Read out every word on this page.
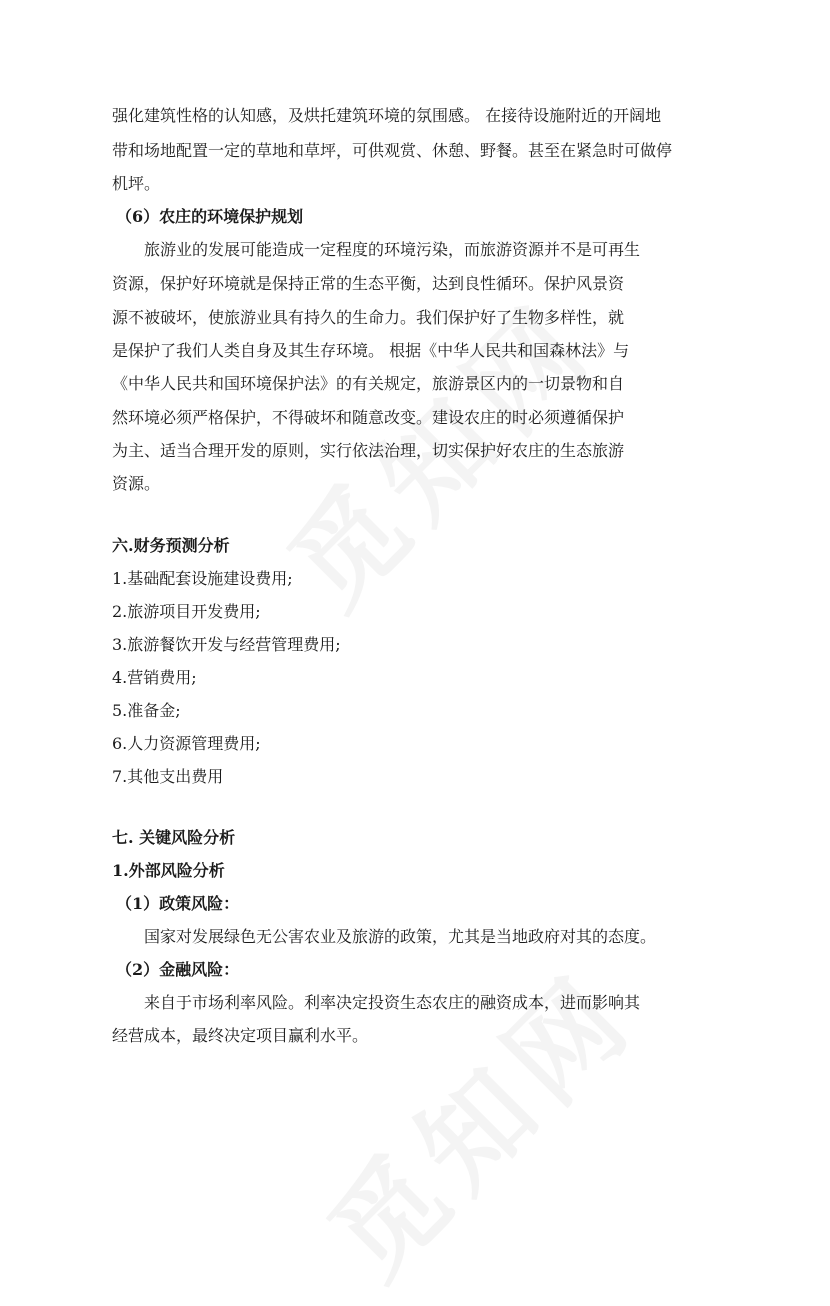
强化建筑性格的认知感，及烘托建筑环境的氛围感。 在接待设施附近的开阔地
带和场地配置一定的草地和草坪，可供观赏、休憩、野餐。甚至在紧急时可做停
机坪。
（6）农庄的环境保护规划
旅游业的发展可能造成一定程度的环境污染，而旅游资源并不是可再生
资源，保护好环境就是保持正常的生态平衡，达到良性循环。保护风景资
源不被破坏，使旅游业具有持久的生命力。我们保护好了生物多样性，就
是保护了我们人类自身及其生存环境。 根据《中华人民共和国森林法》与
《中华人民共和国环境保护法》的有关规定，旅游景区内的一切景物和自
然环境必须严格保护，不得破坏和随意改变。建设农庄的时必须遵循保护
为主、适当合理开发的原则，实行依法治理，切实保护好农庄的生态旅游
资源。
六.财务预测分析
1.基础配套设施建设费用;
2.旅游项目开发费用;
3.旅游餐饮开发与经营管理费用;
4.营销费用;
5.准备金;
6.人力资源管理费用;
7.其他支出费用
七. 关键风险分析
1.外部风险分析
（1）政策风险：
国家对发展绿色无公害农业及旅游的政策，尤其是当地政府对其的态度。
（2）金融风险：
来自于市场利率风险。利率决定投资生态农庄的融资成本，进而影响其
经营成本，最终决定项目赢利水平。
